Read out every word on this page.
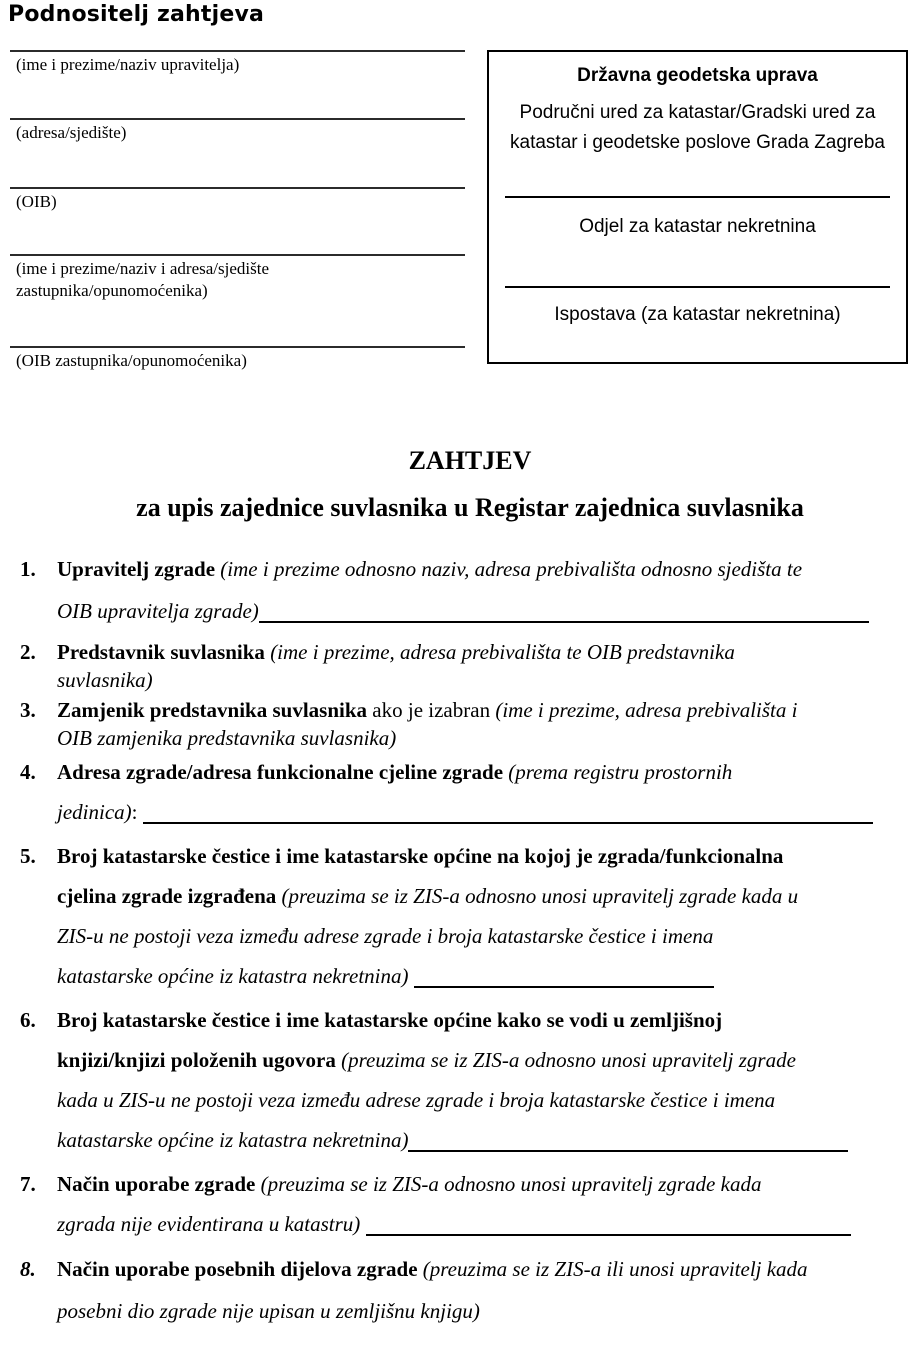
Podnositelj zahtjeva
(ime i prezime/naziv upravitelja)
(adresa/sjedište)
(OIB)
(ime i prezime/naziv i adresa/sjedište
zastupnika/opunomoćenika)
(OIB zastupnika/opunomoćenika)
Državna geodetska uprava
Područni ured za katastar/Gradski ured za
katastar i geodetske poslove Grada Zagreba
Odjel za katastar nekretnina
Ispostava (za katastar nekretnina)
ZAHTJEV
za upis zajednice suvlasnika u Registar zajednica suvlasnika
1.	Upravitelj zgrade (ime i prezime odnosno naziv, adresa prebivališta odnosno sjedišta te
OIB upravitelja zgrade)
2.	Predstavnik suvlasnika (ime i prezime, adresa prebivališta te OIB predstavnika
suvlasnika)
3.	Zamjenik predstavnika suvlasnika ako je izabran (ime i prezime, adresa prebivališta i
OIB zamjenika predstavnika suvlasnika)
4.	Adresa zgrade/adresa funkcionalne cjeline zgrade (prema registru prostornih
jedinica):
5.	Broj katastarske čestice i ime katastarske općine na kojoj je zgrada/funkcionalna
cjelina zgrade izgrađena (preuzima se iz ZIS-a odnosno unosi upravitelj zgrade kada u
ZIS-u ne postoji veza između adrese zgrade i broja katastarske čestice i imena
katastarske općine iz katastra nekretnina)
6.	Broj katastarske čestice i ime katastarske općine kako se vodi u zemljišnoj
knjizi/knjizi položenih ugovora (preuzima se iz ZIS-a odnosno unosi upravitelj zgrade
kada u ZIS-u ne postoji veza između adrese zgrade i broja katastarske čestice i imena
katastarske općine iz katastra nekretnina)
7.	Način uporabe zgrade (preuzima se iz ZIS-a odnosno unosi upravitelj zgrade kada
zgrada nije evidentirana u katastru)
8.	Način uporabe posebnih dijelova zgrade (preuzima se iz ZIS-a ili unosi upravitelj kada
posebni dio zgrade nije upisan u zemljišnu knjigu)
